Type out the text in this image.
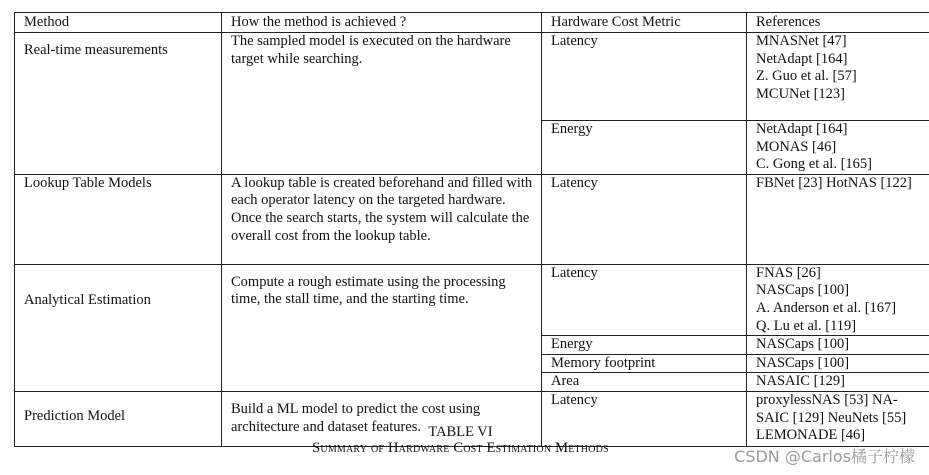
Method	How the method is achieved ?	Hardware Cost Metric	References
Real-time measurements	The sampled model is executed on the hardware target while searching.	Latency	MNASNet [47]
NetAdapt [164]
Z. Guo et al. [57]
MCUNet [123]

		Energy	NetAdapt [164]
MONAS [46]
C. Gong et al. [165]

Lookup Table Models	A lookup table is created beforehand and filled with each operator latency on the targeted hardware. Once the search starts, the system will calculate the overall cost from the lookup table.	Latency	FBNet [23] HotNAS [122]

Analytical Estimation	Compute a rough estimate using the processing time, the stall time, and the starting time.	Latency	FNAS [26]
NASCaps [100]
A. Anderson et al. [167]
Q. Lu et al. [119]

		Energy	NASCaps [100]

		Memory footprint	NASCaps [100]

		Area	NASAIC [129]

Prediction Model	Build a ML model to predict the cost using architecture and dataset features.	Latency	proxylessNAS [53] NA-
SAIC [129] NeuNets [55]
LEMONADE [46]
TABLE VI
Summary of Hardware Cost Estimation Methods	CSDN @Carlos橘子柠檬
